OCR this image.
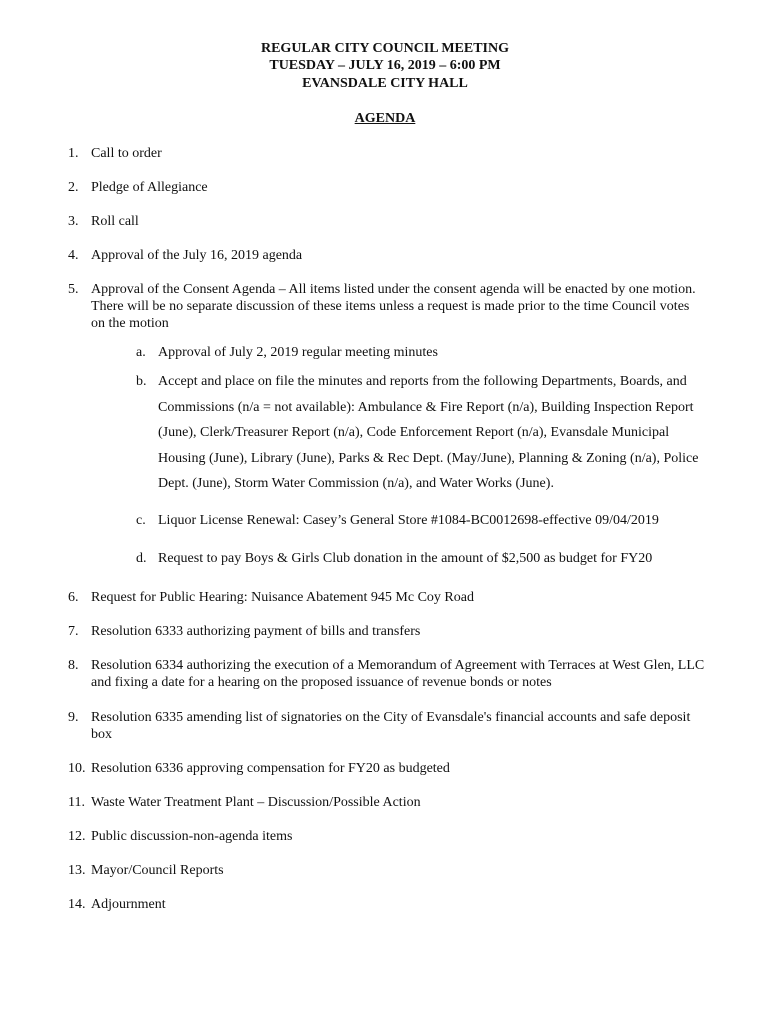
REGULAR CITY COUNCIL MEETING
TUESDAY – JULY 16, 2019 – 6:00 PM
EVANSDALE CITY HALL
AGENDA
1. Call to order
2. Pledge of Allegiance
3. Roll call
4. Approval of the July 16, 2019 agenda
5. Approval of the Consent Agenda – All items listed under the consent agenda will be enacted by one motion.
There will be no separate discussion of these items unless a request is made prior to the time Council votes
on the motion
a. Approval of July 2, 2019 regular meeting minutes
b. Accept and place on file the minutes and reports from the following Departments, Boards, and
Commissions (n/a = not available): Ambulance & Fire Report (n/a), Building Inspection Report
(June), Clerk/Treasurer Report (n/a), Code Enforcement Report (n/a), Evansdale Municipal
Housing (June), Library (June), Parks & Rec Dept. (May/June), Planning & Zoning (n/a), Police
Dept. (June), Storm Water Commission (n/a), and Water Works (June).
c. Liquor License Renewal: Casey’s General Store #1084-BC0012698-effective 09/04/2019
d. Request to pay Boys & Girls Club donation in the amount of $2,500 as budget for FY20
6. Request for Public Hearing: Nuisance Abatement 945 Mc Coy Road
7. Resolution 6333 authorizing payment of bills and transfers
8. Resolution 6334 authorizing the execution of a Memorandum of Agreement with Terraces at West Glen, LLC
and fixing a date for a hearing on the proposed issuance of revenue bonds or notes
9. Resolution 6335 amending list of signatories on the City of Evansdale's financial accounts and safe deposit
box
10. Resolution 6336 approving compensation for FY20 as budgeted
11. Waste Water Treatment Plant – Discussion/Possible Action
12. Public discussion-non-agenda items
13. Mayor/Council Reports
14. Adjournment
